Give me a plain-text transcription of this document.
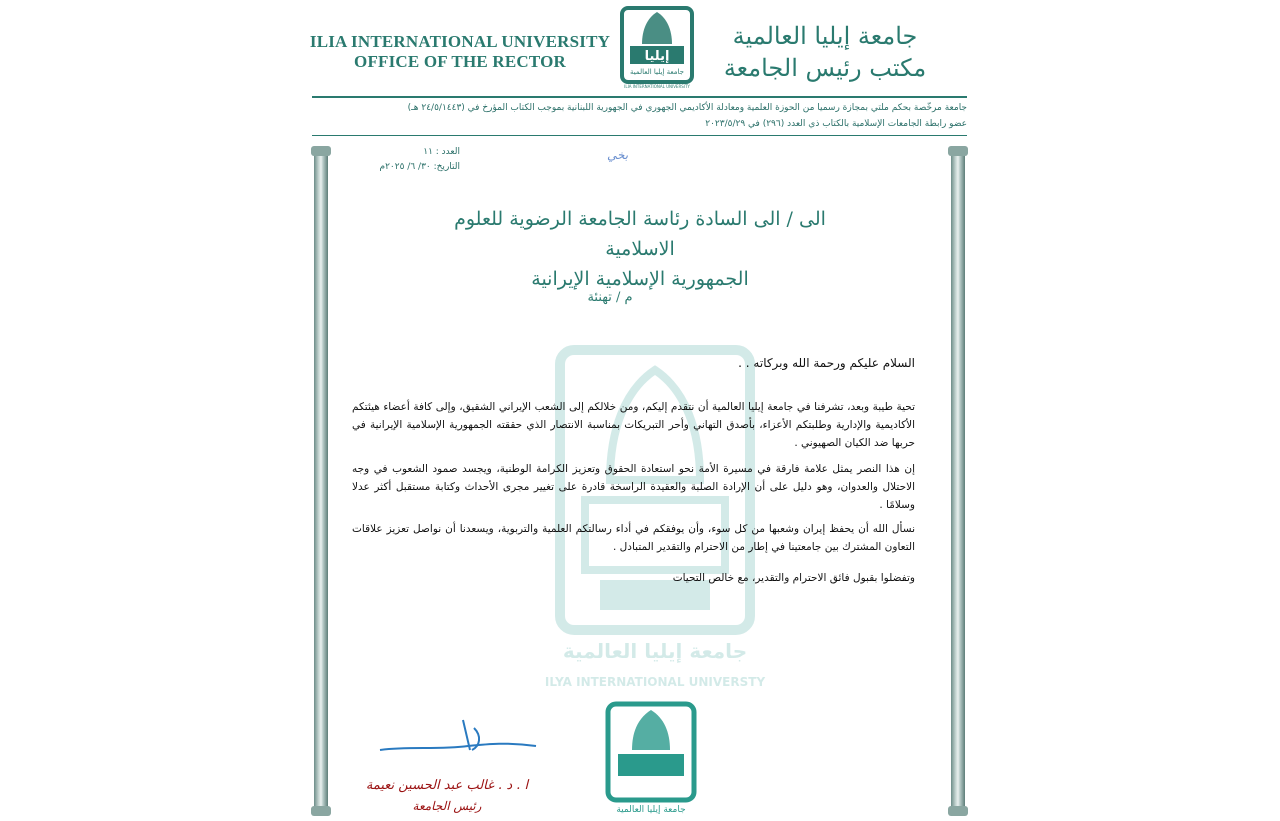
ILIA INTERNATIONAL UNIVERSITY
OFFICE OF THE RECTOR	إيليا
جامعة إيليا العالمية
ILIA INTERNATIONAL UNIVERSITY
جامعة إيليا العالمية
مكتب رئيس الجامعة
جامعة مرخّصة بحكم ملتي بمجازة رسميا من الحوزة العلمية ومعادلة الأكاديمي الجهوري في الجهورية اللبنانية بموجب الكتاب المؤرخ في (٢٤/٥/١٤٤٣ هـ)
عضو رابطة الجامعات الإسلامية بالكتاب ذي العدد (٢٩٦) في ٢٠٢٣/٥/٢٩
العدد : ١١
التاريخ: ٣٠/ ٦/ ٢٠٢٥م
بخي
الى / الى السادة رئاسة الجامعة الرضوية للعلوم الاسلامية
الجمهورية الإسلامية الإيرانية
م / تهنئة
جامعة إيليا العالمية
ILYA INTERNATIONAL UNIVERSTY
السلام عليكم ورحمة الله وبركاته . .
تحية طيبة وبعد، تشرفنا في جامعة إيليا العالمية أن نتقدم إليكم، ومن خلالكم إلى الشعب الإيراني الشقيق، وإلى كافة أعضاء هيئتكم الأكاديمية والإدارية وطلبتكم الأعزاء، بأصدق التهاني وأحر التبريكات بمناسبة الانتصار الذي حققته الجمهورية الإسلامية الإيرانية في حربها ضد الكيان الصهيوني .
إن هذا النصر يمثل علامة فارقة في مسيرة الأمة نحو استعادة الحقوق وتعزيز الكرامة الوطنية، ويجسد صمود الشعوب في وجه الاحتلال والعدوان، وهو دليل على أن الإرادة الصلبة والعقيدة الراسخة قادرة على تغيير مجرى الأحداث وكتابة مستقبل أكثر عدلا وسلامًا .
نسأل الله أن يحفظ إيران وشعبها من كل سوء، وأن يوفقكم في أداء رسالتكم العلمية والتربوية، ويسعدنا أن نواصل تعزيز علاقات التعاون المشترك بين جامعتينا في إطار من الاحترام والتقدير المتبادل .
وتفضلوا بقبول فائق الاحترام والتقدير، مع خالص التحيات
ا . د . غالب عبد الحسين نعيمة
رئيس الجامعة	جامعة إيليا العالمية
